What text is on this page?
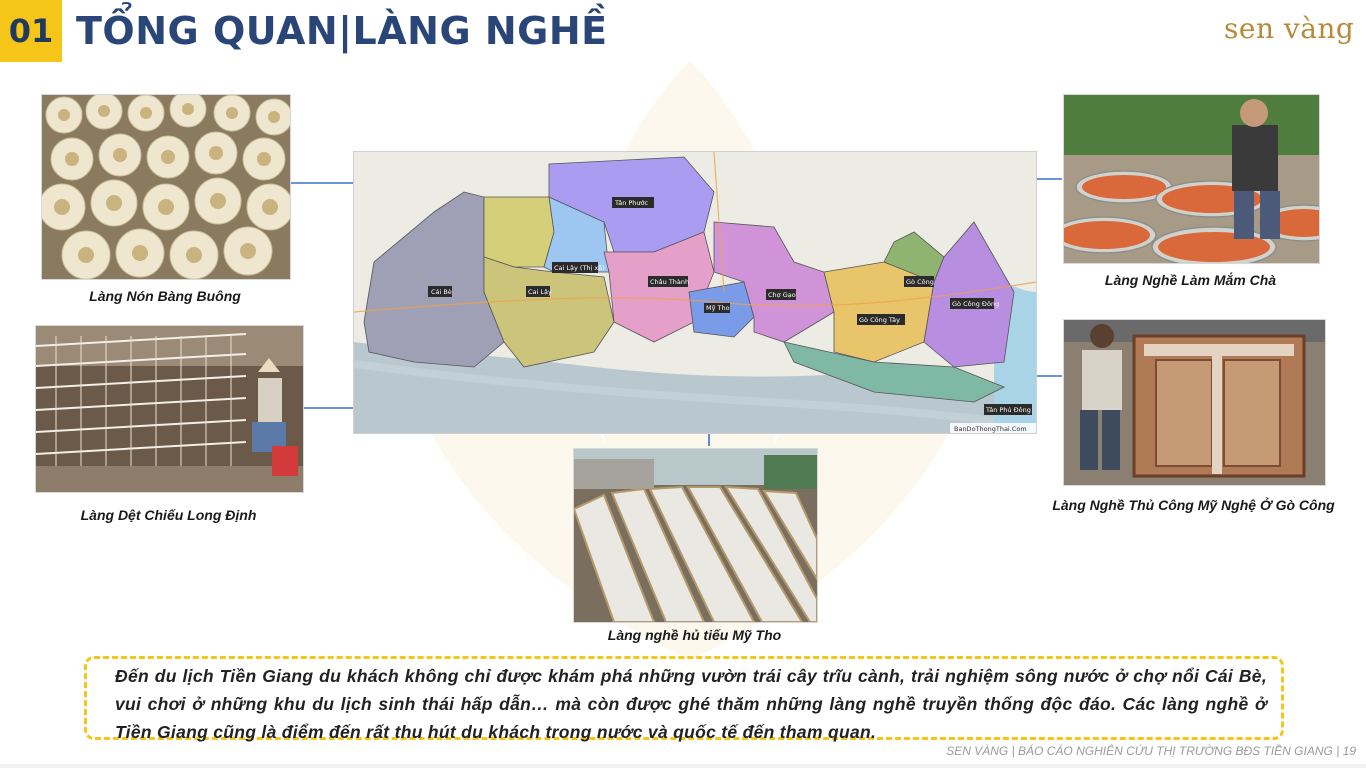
01 TỔNG QUAN|LÀNG NGHỀ	sen vàng
Làng Nón Bàng Buông
Làng Dệt Chiếu Long Định
Tân Phước
Cai Lậy (Thị xã)
Cai Lậy
Cái Bè
Châu Thành
Mỹ Tho
Chợ Gạo
Gò Công Tây
Gò Công
Gò Công Đông
Tân Phú Đông
BanDoThongThai.Com
Làng nghề hủ tiếu Mỹ Tho
Làng Nghề Làm Mắm Chà
Làng Nghề Thủ Công Mỹ Nghệ Ở Gò Công

Đến du lịch Tiền Giang du khách không chỉ được khám phá những vườn trái cây trĩu cành, trải nghiệm sông nước ở chợ nổi Cái Bè, vui chơi ở những khu du lịch sinh thái hấp dẫn… mà còn được ghé thăm những làng nghề truyền thống độc đáo. Các làng nghề ở Tiền Giang cũng là điểm đến rất thu hút du khách trong nước và quốc tế đến tham quan.

SEN VÀNG | BÁO CÁO NGHIÊN CỨU THỊ TRƯỜNG BĐS TIỀN GIANG | 19
